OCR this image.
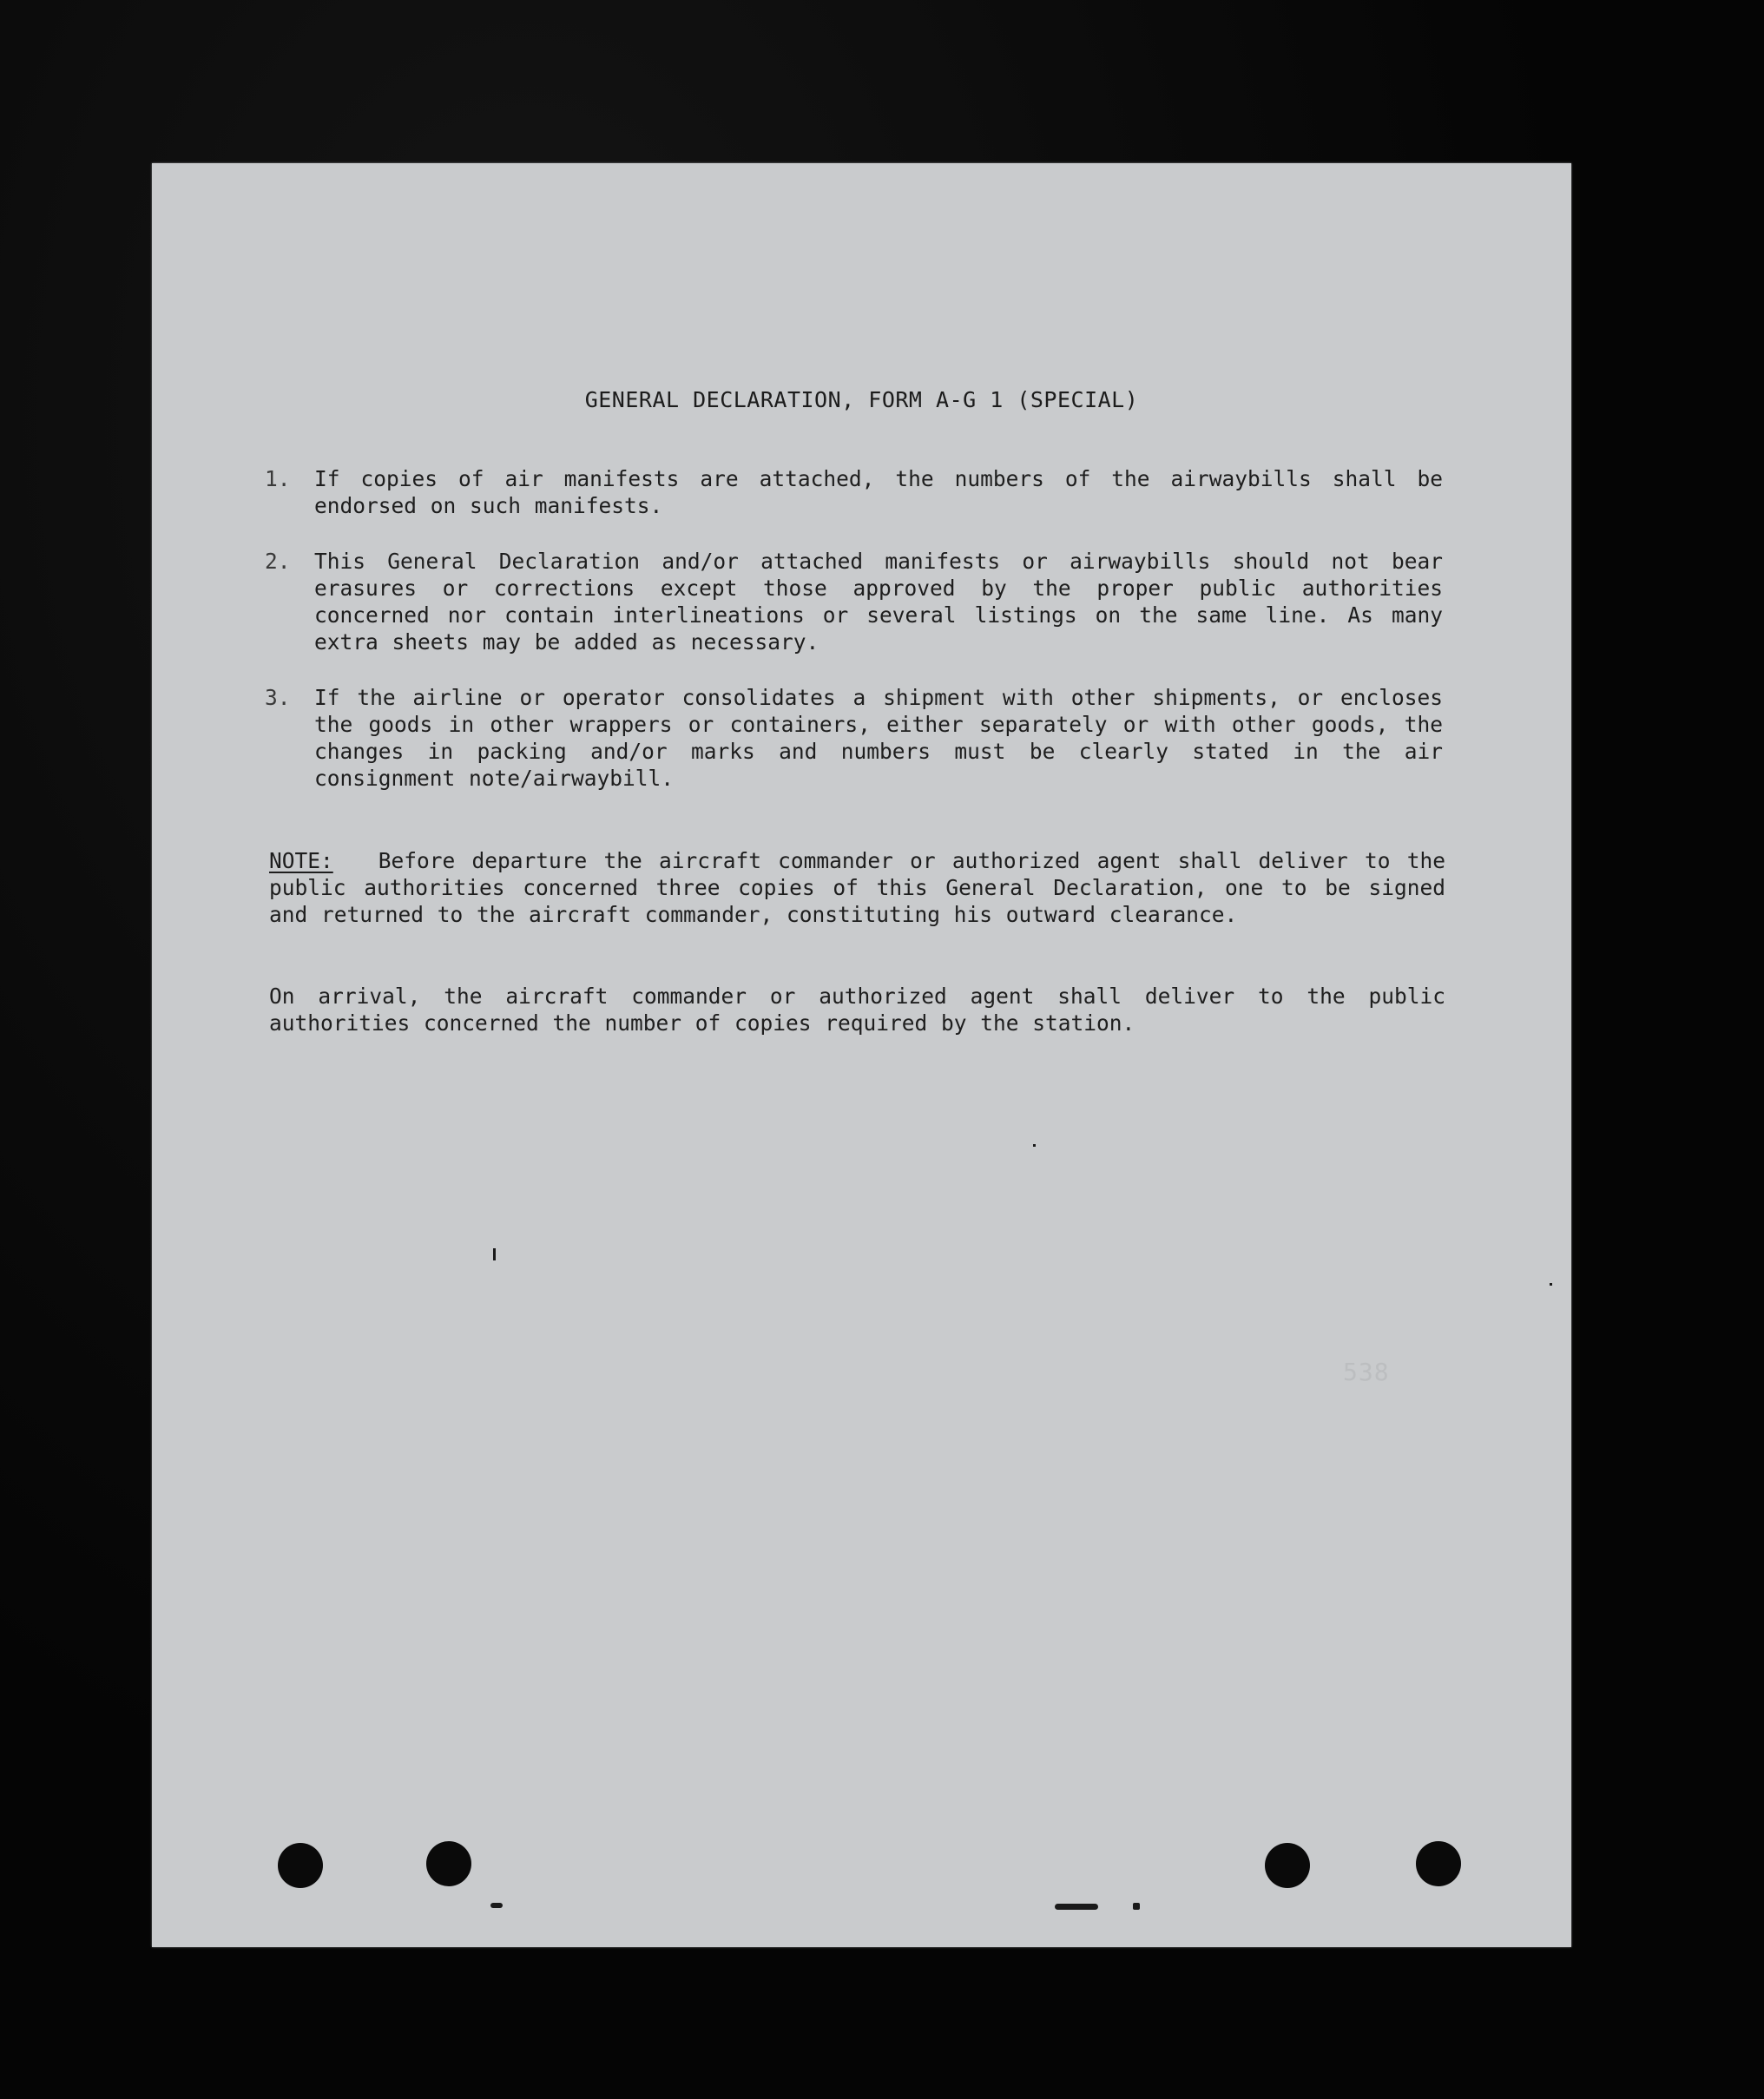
GENERAL DECLARATION, FORM A-G 1 (SPECIAL)
1.	If copies of air manifests are attached, the numbers of the airwaybills shall be endorsed on such manifests.
2.	This General Declaration and/or attached manifests or airwaybills should not bear erasures or corrections except those approved by the proper public authorities concerned nor contain interlineations or several listings on the same line. As many extra sheets may be added as necessary.
3.	If the airline or operator consolidates a shipment with other shipments, or encloses the goods in other wrappers or containers, either separately or with other goods, the changes in packing and/or marks and numbers must be clearly stated in the air consignment note/airwaybill.
NOTE: Before departure the aircraft commander or authorized agent shall deliver to the public authorities concerned three copies of this General Declaration, one to be signed and returned to the aircraft commander, constituting his outward clearance.
On arrival, the aircraft commander or authorized agent shall deliver to the public authorities concerned the number of copies required by the station.
538
